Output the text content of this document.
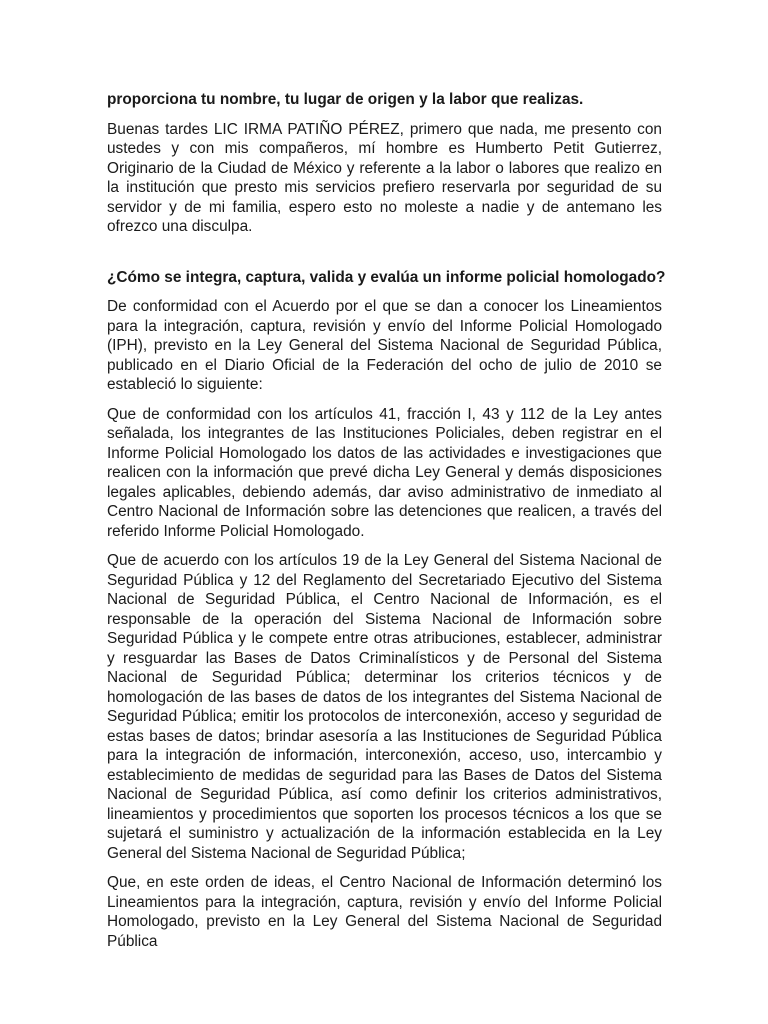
proporciona tu nombre, tu lugar de origen y la labor que realizas.

Buenas tardes LIC IRMA PATIÑO PÉREZ, primero que nada, me presento con ustedes y con mis compañeros, mí hombre es Humberto Petit Gutierrez, Originario de la Ciudad de México y referente a la labor o labores que realizo en la institución que presto mis servicios prefiero reservarla por seguridad de su servidor y de mi familia, espero esto no moleste a nadie y de antemano les ofrezco una disculpa.

¿Cómo se integra, captura, valida y evalúa un informe policial homologado?

De conformidad con el Acuerdo por el que se dan a conocer los Lineamientos para la integración, captura, revisión y envío del Informe Policial Homologado (IPH), previsto en la Ley General del Sistema Nacional de Seguridad Pública, publicado en el Diario Oficial de la Federación del ocho de julio de 2010 se estableció lo siguiente:

Que de conformidad con los artículos 41, fracción I, 43 y 112 de la Ley antes señalada, los integrantes de las Instituciones Policiales, deben registrar en el Informe Policial Homologado los datos de las actividades e investigaciones que realicen con la información que prevé dicha Ley General y demás disposiciones legales aplicables, debiendo además, dar aviso administrativo de inmediato al Centro Nacional de Información sobre las detenciones que realicen, a través del referido Informe Policial Homologado.

Que de acuerdo con los artículos 19 de la Ley General del Sistema Nacional de Seguridad Pública y 12 del Reglamento del Secretariado Ejecutivo del Sistema Nacional de Seguridad Pública, el Centro Nacional de Información, es el responsable de la operación del Sistema Nacional de Información sobre Seguridad Pública y le compete entre otras atribuciones, establecer, administrar y resguardar las Bases de Datos Criminalísticos y de Personal del Sistema Nacional de Seguridad Pública; determinar los criterios técnicos y de homologación de las bases de datos de los integrantes del Sistema Nacional de Seguridad Pública; emitir los protocolos de interconexión, acceso y seguridad de estas bases de datos; brindar asesoría a las Instituciones de Seguridad Pública para la integración de información, interconexión, acceso, uso, intercambio y establecimiento de medidas de seguridad para las Bases de Datos del Sistema Nacional de Seguridad Pública, así como definir los criterios administrativos, lineamientos y procedimientos que soporten los procesos técnicos a los que se sujetará el suministro y actualización de la información establecida en la Ley General del Sistema Nacional de Seguridad Pública;

Que, en este orden de ideas, el Centro Nacional de Información determinó los Lineamientos para la integración, captura, revisión y envío del Informe Policial Homologado, previsto en la Ley General del Sistema Nacional de Seguridad Pública
